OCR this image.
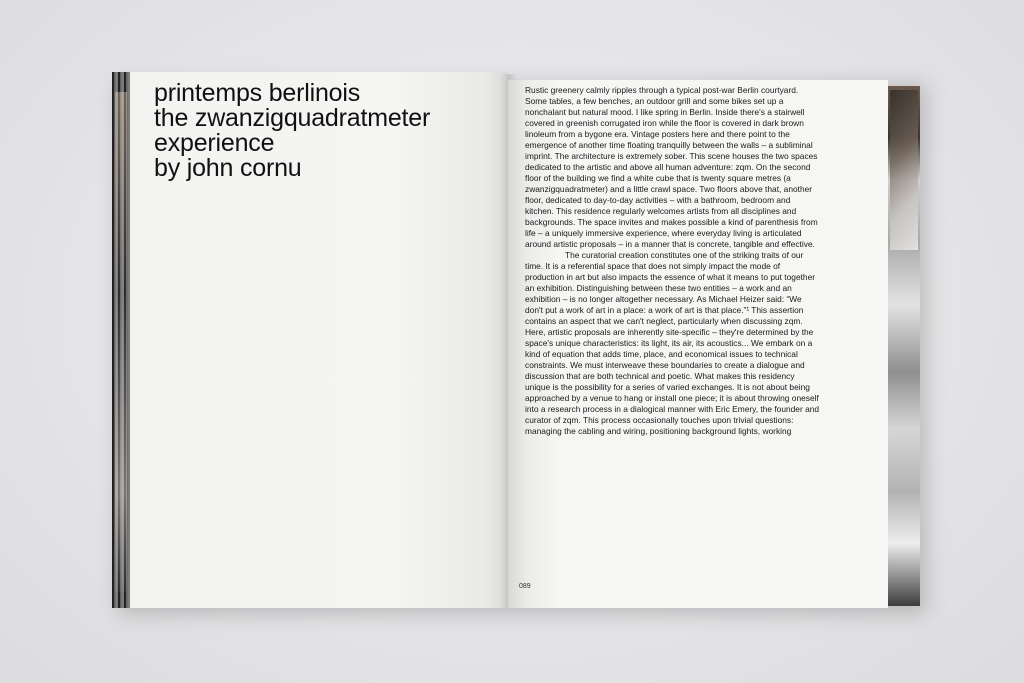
printemps berlinois
the zwanzigquadratmeter
experience
by john cornu

Rustic greenery calmly ripples through a typical post-war Berlin courtyard. Some tables, a few benches, an outdoor grill and some bikes set up a nonchalant but natural mood. I like spring in Berlin. Inside there's a stairwell covered in greenish corrugated iron while the floor is covered in dark brown linoleum from a bygone era. Vintage posters here and there point to the emergence of another time floating tranquilly between the walls – a subliminal imprint. The architecture is extremely sober. This scene houses the two spaces dedicated to the artistic and above all human adventure: zqm. On the second floor of the building we find a white cube that is twenty square metres (a zwanzigquadratmeter) and a little crawl space. Two floors above that, another floor, dedicated to day-to-day activities – with a bathroom, bedroom and kitchen. This residence regularly welcomes artists from all disciplines and backgrounds. The space invites and makes possible a kind of parenthesis from life – a uniquely immersive experience, where everyday living is articulated around artistic proposals – in a manner that is concrete, tangible and effective.

The curatorial creation constitutes one of the striking traits of our time. It is a referential space that does not simply impact the mode of production in art but also impacts the essence of what it means to put together an exhibition. Distinguishing between these two entities – a work and an exhibition – is no longer altogether necessary. As Michael Heizer said: “We don't put a work of art in a place: a work of art is that place.”¹ This assertion contains an aspect that we can't neglect, particularly when discussing zqm. Here, artistic proposals are inherently site-specific – they're determined by the space's unique characteristics: its light, its air, its acoustics... We embark on a kind of equation that adds time, place, and economical issues to technical constraints. We must interweave these boundaries to create a dialogue and discussion that are both technical and poetic. What makes this residency unique is the possibility for a series of varied exchanges. It is not about being approached by a venue to hang or install one piece; it is about throwing oneself into a research process in a dialogical manner with Eric Emery, the founder and curator of zqm. This process occasionally touches upon trivial questions: managing the cabling and wiring, positioning background lights, working

089
